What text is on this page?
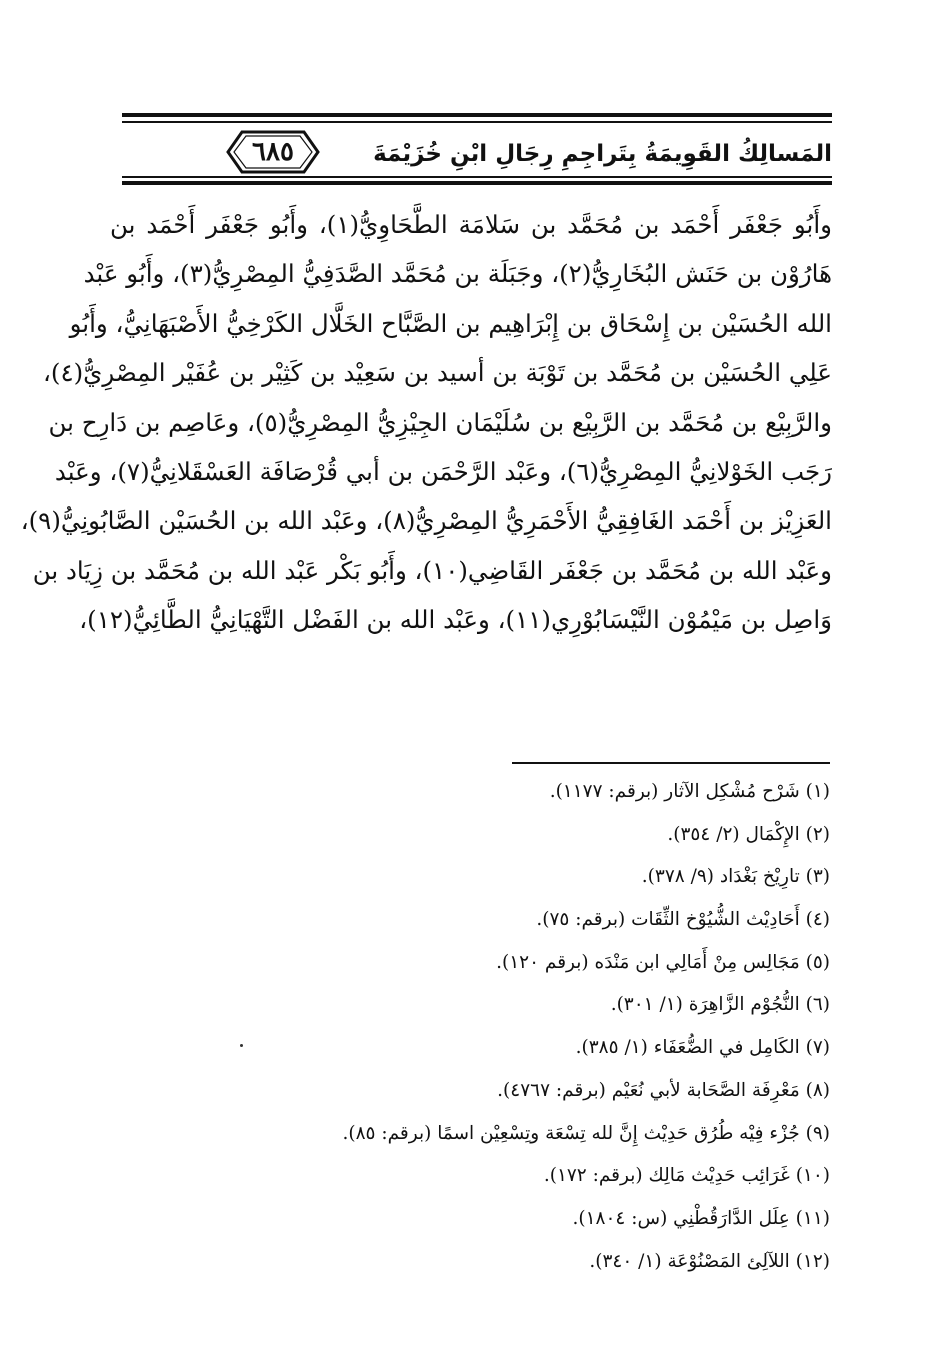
٦٨٥	المَسالِكُ القَوِيمَةُ بِتَراجِمِ رِجَالِ ابْنِ خُزَيْمَةَ
وأَبُو جَعْفَر أَحْمَد بن مُحَمَّد بن سَلامَة الطَّحَاوِيُّ(١)، وأَبُو جَعْفَر أَحْمَد بن
هَارُوْن بن حَنَش البُخَارِيُّ(٢)، وجَبَلَة بن مُحَمَّد الصَّدَفِيُّ المِصْرِيُّ(٣)، وأَبُو عَبْد
الله الحُسَيْن بن إِسْحَاق بن إِبْرَاهِيم بن الصَّبَّاح الخَلَّال الكَرْخِيُّ الأَصْبَهَانِيُّ، وأَبُو
عَلِي الحُسَيْن بن مُحَمَّد بن تَوْبَة بن أسيد بن سَعِيْد بن كَثِيْر بن عُفَيْر المِصْرِيُّ(٤)،
والرَّبِيْع بن مُحَمَّد بن الرَّبِيْع بن سُلَيْمَان الجِيْزِيُّ المِصْرِيُّ(٥)، وعَاصِم بن دَارِح بن
رَجَب الخَوْلانِيُّ المِصْرِيُّ(٦)، وعَبْد الرَّحْمَن بن أبي قُرْصَافَة العَسْقَلانِيُّ(٧)، وعَبْد
العَزِيْز بن أَحْمَد الغَافِقِيُّ الأَحْمَرِيُّ المِصْرِيُّ(٨)، وعَبْد الله بن الحُسَيْن الصَّابُونِيُّ(٩)،
وعَبْد الله بن مُحَمَّد بن جَعْفَر القَاضِي(١٠)، وأَبُو بَكْر عَبْد الله بن مُحَمَّد بن زِيَاد بن
وَاصِل بن مَيْمُوْن النَّيْسَابُوْرِي(١١)، وعَبْد الله بن الفَضْل التَّهْيَانِيُّ الطَّائِيُّ(١٢)،
(١) شَرْح مُشْكِل الآثار (برقم: ١١٧٧).
(٢) الإِكْمَال (٢/ ٣٥٤).
(٣) تارِيْخ بَغْدَاد (٩/ ٣٧٨).
(٤) أَحَادِيْث الشُّيُوْخ الثِّقَات (برقم: ٧٥).
(٥) مَجَالِس مِنْ أَمَالِي ابن مَنْدَه (برقم ١٢٠).
(٦) النُّجُوْم الزَّاهِرَة (١/ ٣٠١).
(٧) الكَامِل في الضُّعَفَاء (١/ ٣٨٥).
(٨) مَعْرِفَة الصَّحَابة لأبي نُعَيْم (برقم: ٤٧٦٧).
(٩) جُزْء فِيْه طُرُق حَدِيْث إِنَّ لله تِسْعَة وتِسْعِيْن اسمًا (برقم: ٨٥).
(١٠) غَرَائِب حَدِيْث مَالِك (برقم: ١٧٢).
(١١) عِلَل الدَّارَقُطْنِي (س: ١٨٠٤).
(١٢) اللآلِئ المَصْنُوْعَة (١/ ٣٤٠).
